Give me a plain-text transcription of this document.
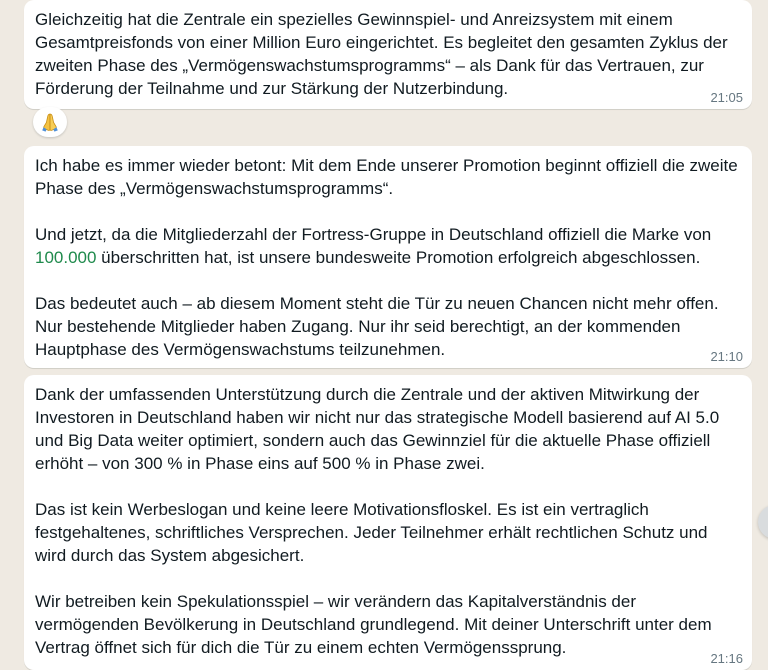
Gleichzeitig hat die Zentrale ein spezielles Gewinnspiel- und Anreizsystem mit einem Gesamtpreisfonds von einer Million Euro eingerichtet. Es begleitet den gesamten Zyklus der zweiten Phase des „Vermögenswachstumsprogramms“ – als Dank für das Vertrauen, zur Förderung der Teilnahme und zur Stärkung der Nutzerbindung.	21:05

Ich habe es immer wieder betont: Mit dem Ende unserer Promotion beginnt offiziell die zweite Phase des „Vermögenswachstumsprogramms“.

Und jetzt, da die Mitgliederzahl der Fortress-Gruppe in Deutschland offiziell die Marke von 100.000 überschritten hat, ist unsere bundesweite Promotion erfolgreich abgeschlossen.

Das bedeutet auch – ab diesem Moment steht die Tür zu neuen Chancen nicht mehr offen. Nur bestehende Mitglieder haben Zugang. Nur ihr seid berechtigt, an der kommenden Hauptphase des Vermögenswachstums teilzunehmen.	21:10

Dank der umfassenden Unterstützung durch die Zentrale und der aktiven Mitwirkung der Investoren in Deutschland haben wir nicht nur das strategische Modell basierend auf AI 5.0 und Big Data weiter optimiert, sondern auch das Gewinnziel für die aktuelle Phase offiziell erhöht – von 300 % in Phase eins auf 500 % in Phase zwei.

Das ist kein Werbeslogan und keine leere Motivationsfloskel. Es ist ein vertraglich festgehaltenes, schriftliches Versprechen. Jeder Teilnehmer erhält rechtlichen Schutz und wird durch das System abgesichert.

Wir betreiben kein Spekulationsspiel – wir verändern das Kapitalverständnis der vermögenden Bevölkerung in Deutschland grundlegend. Mit deiner Unterschrift unter dem Vertrag öffnet sich für dich die Tür zu einem echten Vermögenssprung.

21:16
